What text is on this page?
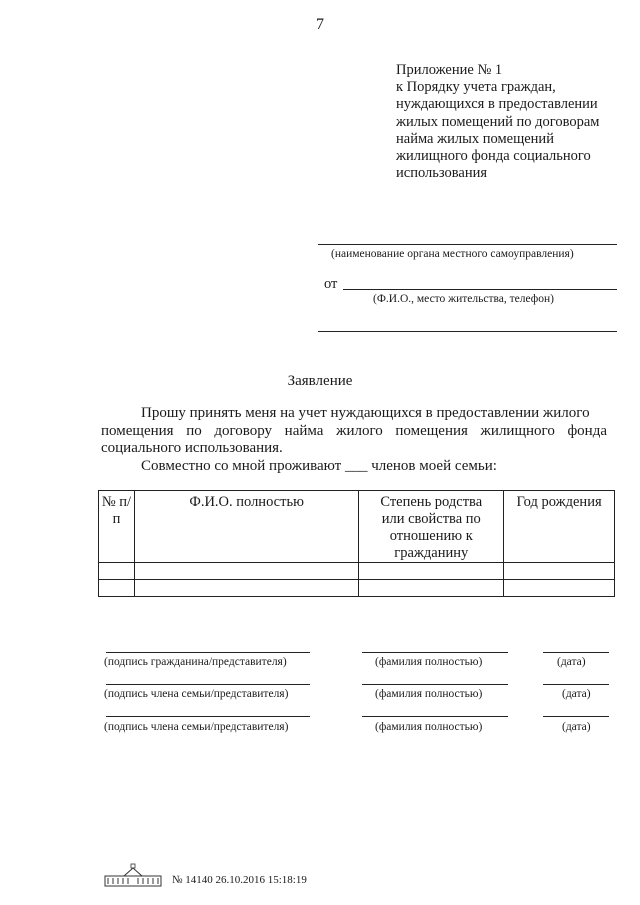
7
Приложение № 1
к Порядку учета граждан,
нуждающихся в предоставлении
жилых помещений по договорам
найма жилых помещений
жилищного фонда социального
использования
(наименование органа местного самоуправления)
от
(Ф.И.О., место жительства, телефон)
Заявление
Прошу принять меня на учет нуждающихся в предоставлении жилого
помещения по договору найма жилого помещения жилищного фонда
социального использования.
Совместно со мной проживают ___ членов моей семьи:
№ п/п	Ф.И.О. полностью	Степень родства или свойства по отношению к гражданину	Год рождения

(подпись гражданина/представителя)	(фамилия полностью)	(дата)
(подпись члена семьи/представителя)	(фамилия полностью)	(дата)
(подпись члена семьи/представителя)	(фамилия полностью)	(дата)
№ 14140 26.10.2016 15:18:19
